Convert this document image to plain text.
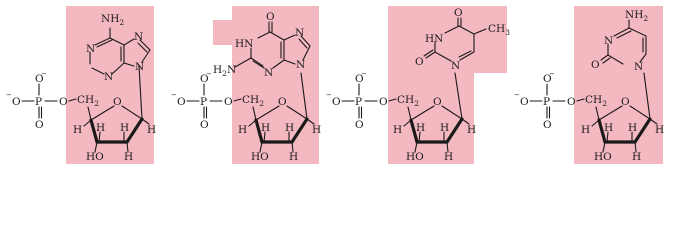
−
O
−
O P O
O
$CH_2$ O
H	H
H H
HO H
$NH_2$
N
N
N
N
−
O
−
O P O
O
$CH_2$ O
H	H
H H
HO H
O
HN
N
N
N
$H_2N$	−
O
−
O P O
O
$CH_2$ O
H	H
H H
HO H
O
HN
$CH_3$
O	N
−
O
−
O P O
O
$CH_2$ O
H	H
H H
HO H
$NH_2$
N
O	N
